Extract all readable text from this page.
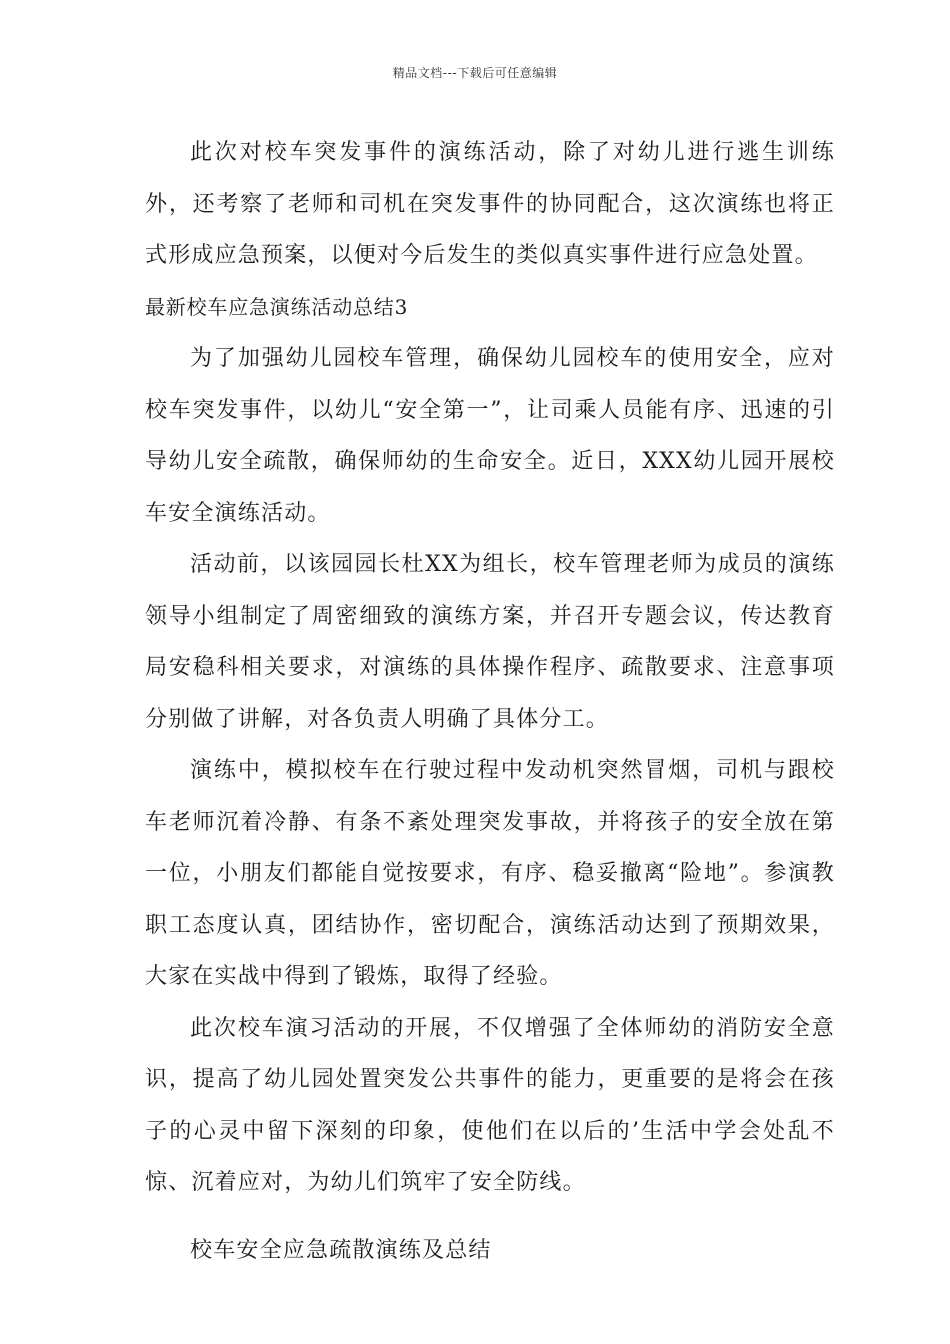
精品文档---下载后可任意编辑

此次对校车突发事件的演练活动，除了对幼儿进行逃生训练外，还考察了老师和司机在突发事件的协同配合，这次演练也将正式形成应急预案，以便对今后发生的类似真实事件进行应急处置。

最新校车应急演练活动总结3

为了加强幼儿园校车管理，确保幼儿园校车的使用安全，应对校车突发事件，以幼儿“安全第一”，让司乘人员能有序、迅速的引导幼儿安全疏散，确保师幼的生命安全。近日，XXX幼儿园开展校车安全演练活动。

活动前，以该园园长杜XX为组长，校车管理老师为成员的演练领导小组制定了周密细致的演练方案，并召开专题会议，传达教育局安稳科相关要求，对演练的具体操作程序、疏散要求、注意事项分别做了讲解，对各负责人明确了具体分工。

演练中，模拟校车在行驶过程中发动机突然冒烟，司机与跟校车老师沉着冷静、有条不紊处理突发事故，并将孩子的安全放在第一位，小朋友们都能自觉按要求，有序、稳妥撤离“险地”。参演教职工态度认真，团结协作，密切配合，演练活动达到了预期效果，大家在实战中得到了锻炼，取得了经验。

此次校车演习活动的开展，不仅增强了全体师幼的消防安全意识，提高了幼儿园处置突发公共事件的能力，更重要的是将会在孩子的心灵中留下深刻的印象，使他们在以后的’生活中学会处乱不惊、沉着应对，为幼儿们筑牢了安全防线。

校车安全应急疏散演练及总结
